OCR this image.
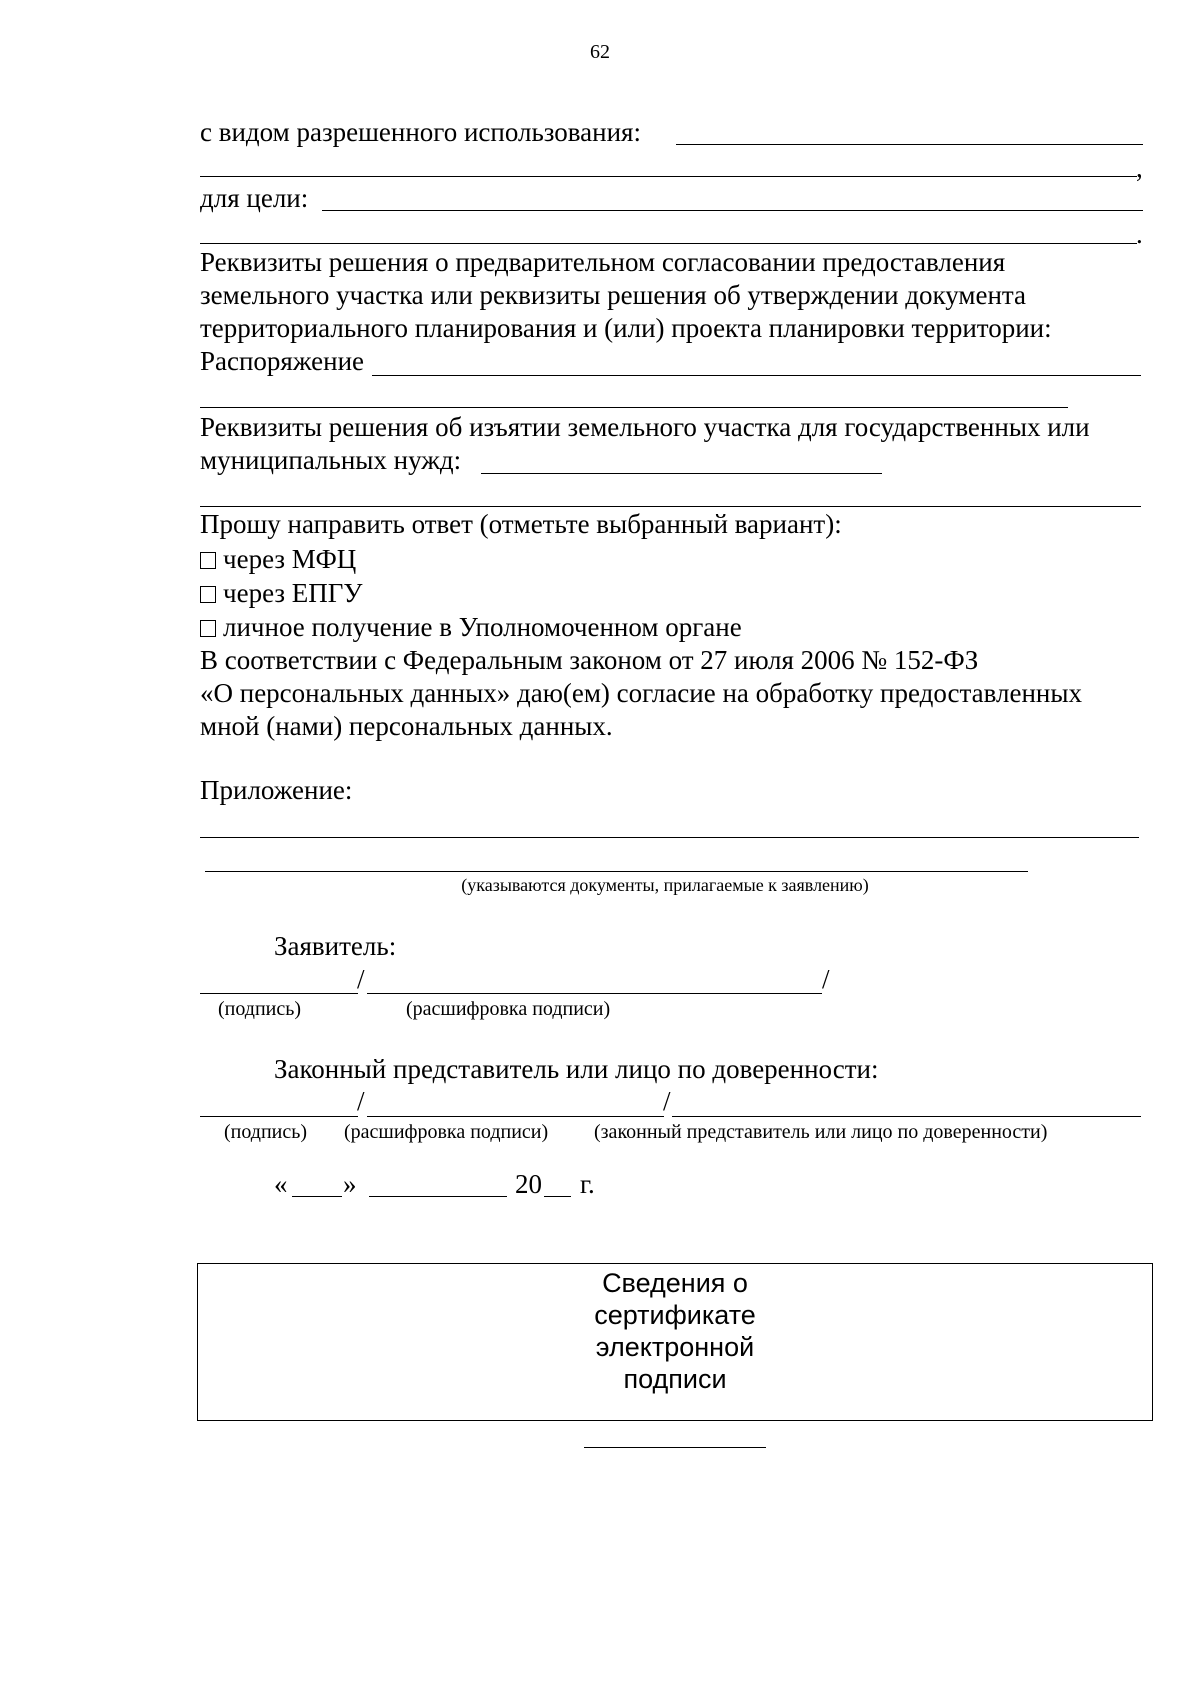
62
с видом разрешенного использования:
,
для цели:
.
Реквизиты решения о предварительном согласовании предоставления
земельного участка или реквизиты решения об утверждении документа
территориального планирования и (или) проекта планировки территории:
Распоряжение
Реквизиты решения об изъятии земельного участка для государственных или
муниципальных нужд:
Прошу направить ответ (отметьте выбранный вариант):
через МФЦ
через ЕПГУ
личное получение в Уполномоченном органе
В соответствии с Федеральным законом от 27 июля 2006 № 152-ФЗ
«О персональных данных» даю(ем) согласие на обработку предоставленных
мной (нами) персональных данных.
Приложение:
(указываются документы, прилагаемые к заявлению)
Заявитель:
/	/
(подпись)	(расшифровка подписи)
Законный представитель или лицо по доверенности:
/	/
(подпись) (расшифровка подписи) (законный представитель или лицо по доверенности)
« »	20 г.
Сведения о
сертификате
электронной
подписи
